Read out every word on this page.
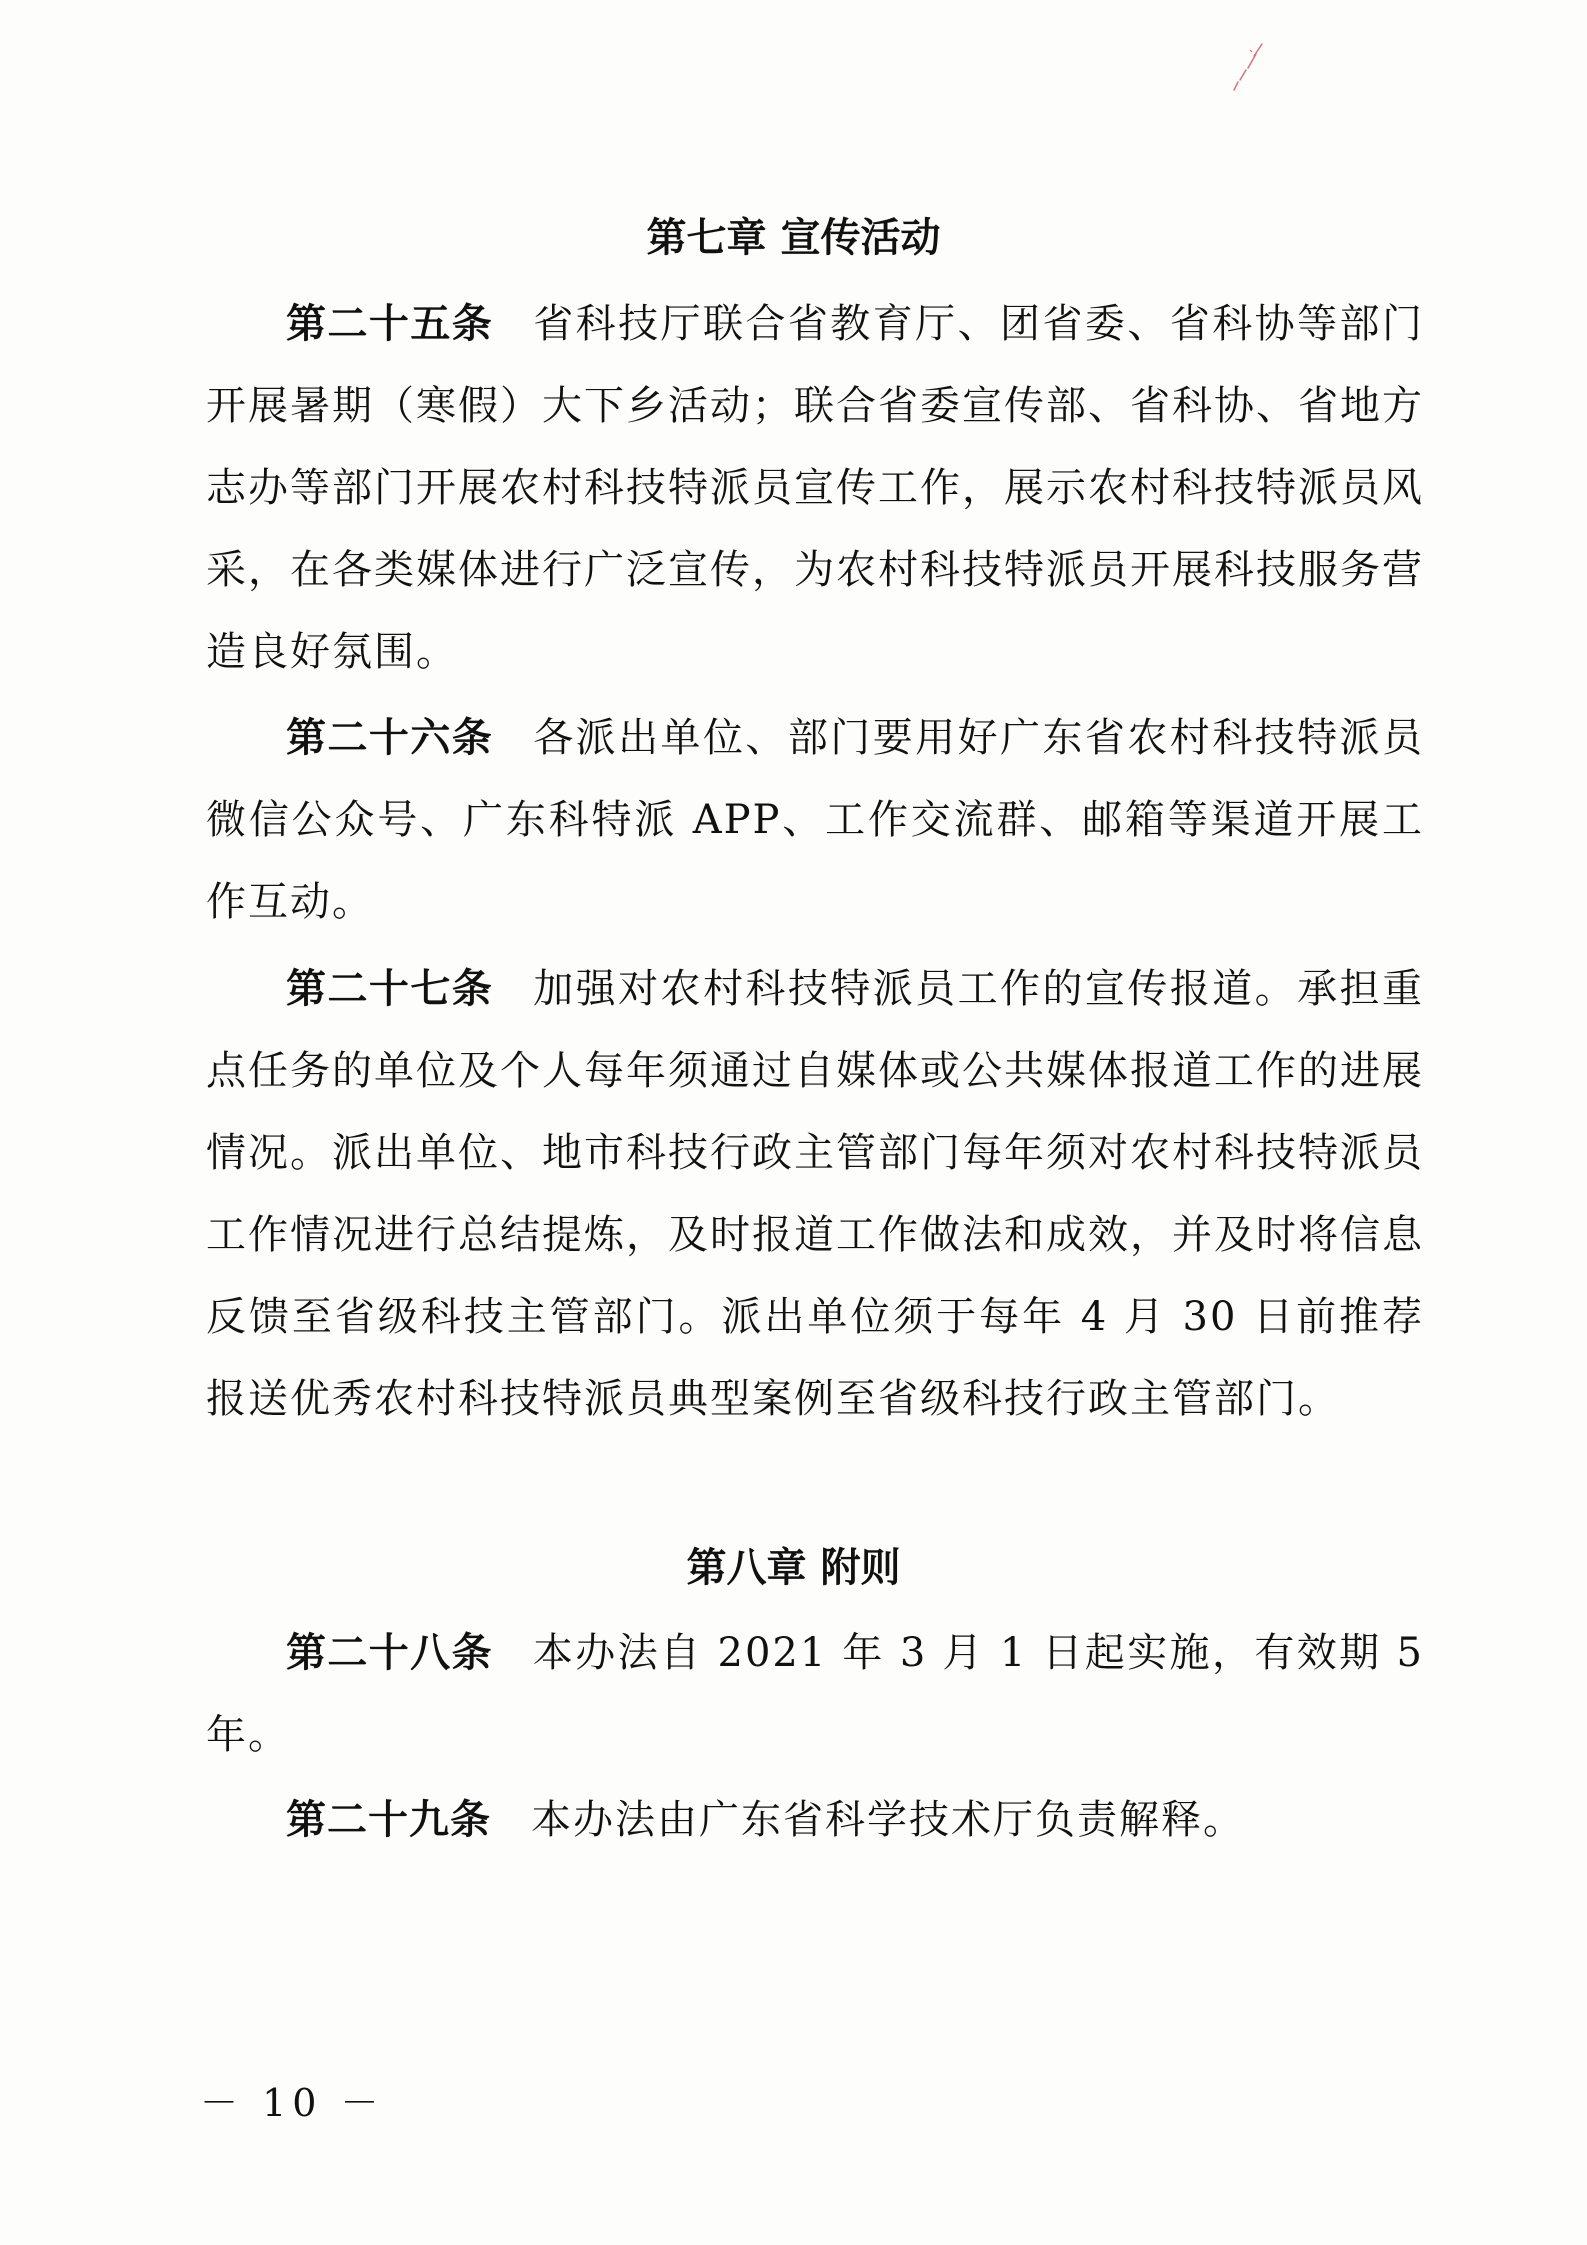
第七章 宣传活动

第二十五条 省科技厅联合省教育厅、团省委、省科协等部门开展暑期（寒假）大下乡活动；联合省委宣传部、省科协、省地方志办等部门开展农村科技特派员宣传工作，展示农村科技特派员风采，在各类媒体进行广泛宣传，为农村科技特派员开展科技服务营造良好氛围。

第二十六条 各派出单位、部门要用好广东省农村科技特派员微信公众号、广东科特派 APP、工作交流群、邮箱等渠道开展工作互动。

第二十七条 加强对农村科技特派员工作的宣传报道。承担重点任务的单位及个人每年须通过自媒体或公共媒体报道工作的进展情况。派出单位、地市科技行政主管部门每年须对农村科技特派员工作情况进行总结提炼，及时报道工作做法和成效，并及时将信息反馈至省级科技主管部门。派出单位须于每年 4 月 30 日前推荐报送优秀农村科技特派员典型案例至省级科技行政主管部门。

第八章 附则

第二十八条 本办法自 2021 年 3 月 1 日起实施，有效期 5 年。

第二十九条 本办法由广东省科学技术厅负责解释。

－ 10 －
